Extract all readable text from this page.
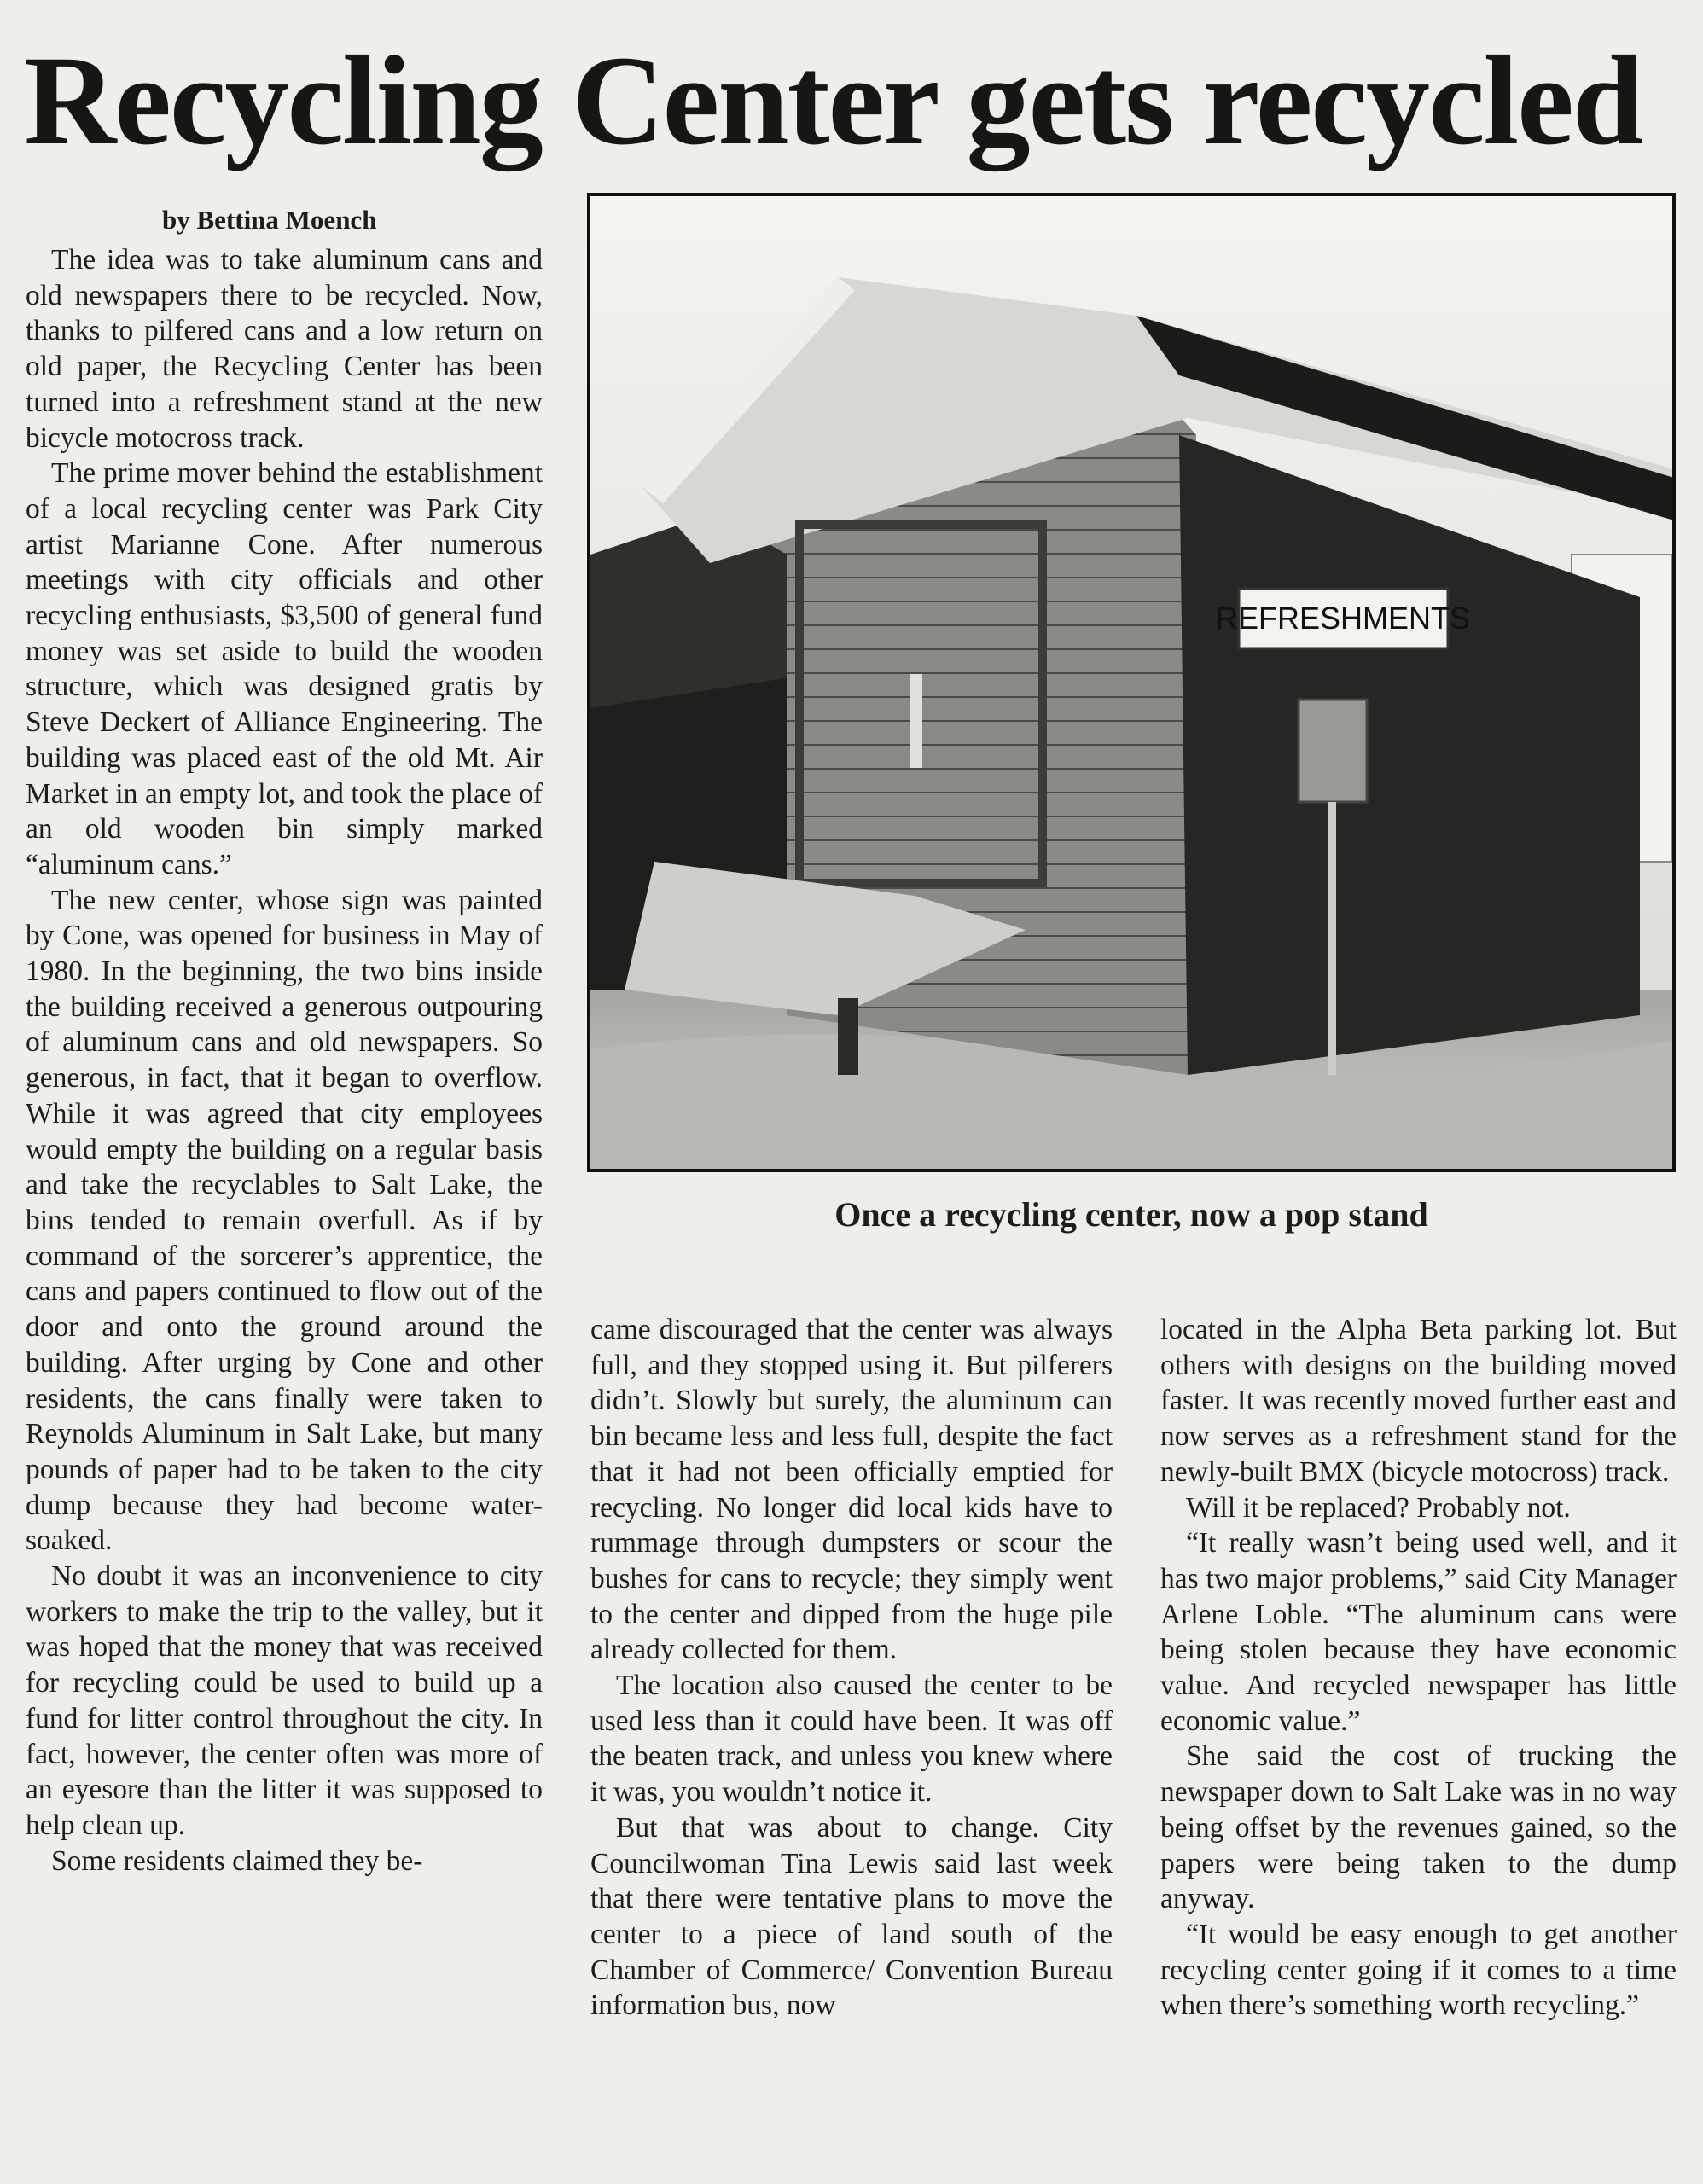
Recycling Center gets recycled

by Bettina Moench

The idea was to take aluminum cans and old newspapers there to be recycled. Now, thanks to pilfered cans and a low return on old paper, the Recycling Center has been turned into a refreshment stand at the new bicycle motocross track.

The prime mover behind the establishment of a local recycling center was Park City artist Marianne Cone. After numerous meetings with city officials and other recycling enthusiasts, $3,500 of general fund money was set aside to build the wooden structure, which was designed gratis by Steve Deckert of Alliance Engineering. The building was placed east of the old Mt. Air Market in an empty lot, and took the place of an old wooden bin simply marked “aluminum cans.”

The new center, whose sign was painted by Cone, was opened for business in May of 1980. In the beginning, the two bins inside the building received a generous outpouring of aluminum cans and old newspapers. So generous, in fact, that it began to overflow. While it was agreed that city employees would empty the building on a regular basis and take the recyclables to Salt Lake, the bins tended to remain overfull. As if by command of the sorcerer’s apprentice, the cans and papers continued to flow out of the door and onto the ground around the building. After urging by Cone and other residents, the cans finally were taken to Reynolds Aluminum in Salt Lake, but many pounds of paper had to be taken to the city dump because they had become water-soaked.

No doubt it was an inconvenience to city workers to make the trip to the valley, but it was hoped that the money that was received for recycling could be used to build up a fund for litter control throughout the city. In fact, however, the center often was more of an eyesore than the litter it was supposed to help clean up.

Some residents claimed they be-

REFRESHMENTS

Once a recycling center, now a pop stand

came discouraged that the center was always full, and they stopped using it. But pilferers didn’t. Slowly but surely, the aluminum can bin became less and less full, despite the fact that it had not been officially emptied for recycling. No longer did local kids have to rummage through dumpsters or scour the bushes for cans to recycle; they simply went to the center and dipped from the huge pile already collected for them.

The location also caused the center to be used less than it could have been. It was off the beaten track, and unless you knew where it was, you wouldn’t notice it.

But that was about to change. City Councilwoman Tina Lewis said last week that there were tentative plans to move the center to a piece of land south of the Chamber of Commerce/ Convention Bureau information bus, now

located in the Alpha Beta parking lot. But others with designs on the building moved faster. It was recently moved further east and now serves as a refreshment stand for the newly-built BMX (bicycle motocross) track.

Will it be replaced? Probably not.

“It really wasn’t being used well, and it has two major problems,” said City Manager Arlene Loble. “The aluminum cans were being stolen because they have economic value. And recycled newspaper has little economic value.”

She said the cost of trucking the newspaper down to Salt Lake was in no way being offset by the revenues gained, so the papers were being taken to the dump anyway.

“It would be easy enough to get another recycling center going if it comes to a time when there’s something worth recycling.”
